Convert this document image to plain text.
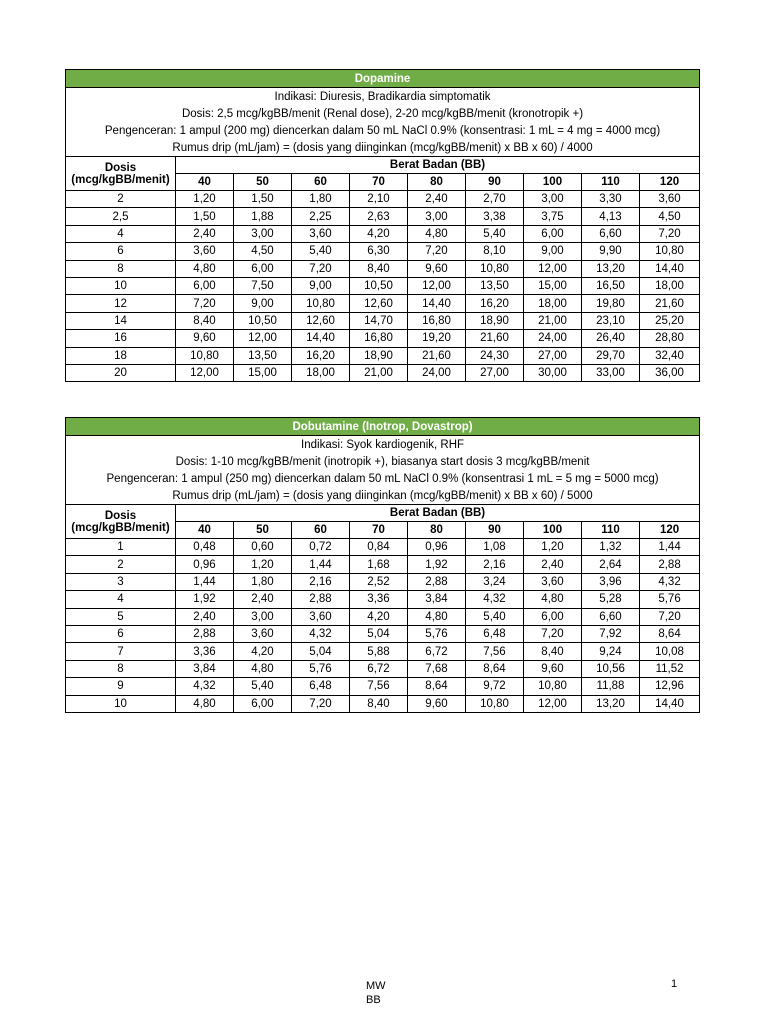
Dopamine									
Indikasi: Diuresis, Bradikardia simptomatik									
Dosis: 2,5 mcg/kgBB/menit (Renal dose), 2-20 mcg/kgBB/menit (kronotropik +)									
Pengenceran: 1 ampul (200 mg) diencerkan dalam 50 mL NaCl 0.9% (konsentrasi: 1 mL = 4 mg = 4000 mcg)									
Rumus drip (mL/jam) = (dosis yang diinginkan (mcg/kgBB/menit) x BB x 60) / 4000									
Dosis
(mcg/kgBB/menit)	Berat Badan (BB)								
	40	50	60	70	80	90	100	110	120
2	1,20	1,50	1,80	2,10	2,40	2,70	3,00	3,30	3,60
2,5	1,50	1,88	2,25	2,63	3,00	3,38	3,75	4,13	4,50
4	2,40	3,00	3,60	4,20	4,80	5,40	6,00	6,60	7,20
6	3,60	4,50	5,40	6,30	7,20	8,10	9,00	9,90	10,80
8	4,80	6,00	7,20	8,40	9,60	10,80	12,00	13,20	14,40
10	6,00	7,50	9,00	10,50	12,00	13,50	15,00	16,50	18,00
12	7,20	9,00	10,80	12,60	14,40	16,20	18,00	19,80	21,60
14	8,40	10,50	12,60	14,70	16,80	18,90	21,00	23,10	25,20
16	9,60	12,00	14,40	16,80	19,20	21,60	24,00	26,40	28,80
18	10,80	13,50	16,20	18,90	21,60	24,30	27,00	29,70	32,40
20	12,00	15,00	18,00	21,00	24,00	27,00	30,00	33,00	36,00
Dobutamine (Inotrop, Dovastrop)									
Indikasi: Syok kardiogenik, RHF									
Dosis: 1-10 mcg/kgBB/menit (inotropik +), biasanya start dosis 3 mcg/kgBB/menit									
Pengenceran: 1 ampul (250 mg) diencerkan dalam 50 mL NaCl 0.9% (konsentrasi 1 mL = 5 mg = 5000 mcg)									
Rumus drip (mL/jam) = (dosis yang diinginkan (mcg/kgBB/menit) x BB x 60) / 5000									
Dosis
(mcg/kgBB/menit)	Berat Badan (BB)								
	40	50	60	70	80	90	100	110	120
1	0,48	0,60	0,72	0,84	0,96	1,08	1,20	1,32	1,44
2	0,96	1,20	1,44	1,68	1,92	2,16	2,40	2,64	2,88
3	1,44	1,80	2,16	2,52	2,88	3,24	3,60	3,96	4,32
4	1,92	2,40	2,88	3,36	3,84	4,32	4,80	5,28	5,76
5	2,40	3,00	3,60	4,20	4,80	5,40	6,00	6,60	7,20
6	2,88	3,60	4,32	5,04	5,76	6,48	7,20	7,92	8,64
7	3,36	4,20	5,04	5,88	6,72	7,56	8,40	9,24	10,08
8	3,84	4,80	5,76	6,72	7,68	8,64	9,60	10,56	11,52
9	4,32	5,40	6,48	7,56	8,64	9,72	10,80	11,88	12,96
10	4,80	6,00	7,20	8,40	9,60	10,80	12,00	13,20	14,40
MW
BB
1
